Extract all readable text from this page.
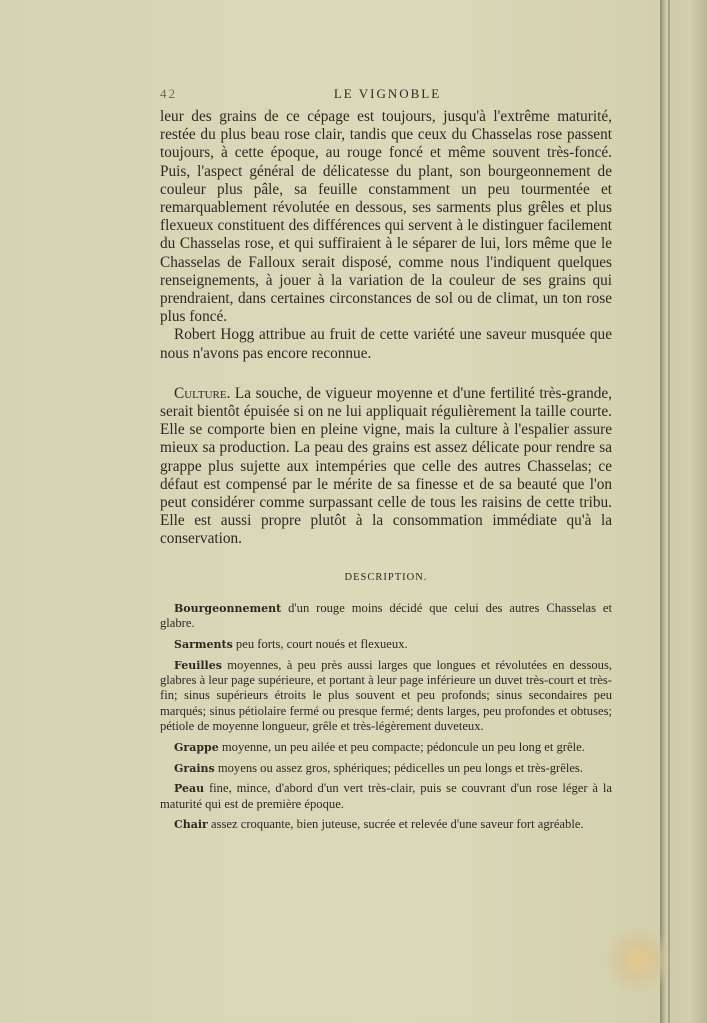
42	LE VIGNOBLE

leur des grains de ce cépage est toujours, jusqu'à l'extrême maturité, restée du plus beau rose clair, tandis que ceux du Chasselas rose passent toujours, à cette époque, au rouge foncé et même souvent très-foncé. Puis, l'aspect général de délicatesse du plant, son bourgeonnement de couleur plus pâle, sa feuille constamment un peu tourmentée et remarquablement révolutée en dessous, ses sarments plus grêles et plus flexueux constituent des différences qui servent à le distinguer facilement du Chasselas rose, et qui suffiraient à le séparer de lui, lors même que le Chasselas de Falloux serait disposé, comme nous l'indiquent quelques renseignements, à jouer à la variation de la couleur de ses grains qui prendraient, dans certaines circonstances de sol ou de climat, un ton rose plus foncé.

Robert Hogg attribue au fruit de cette variété une saveur musquée que nous n'avons pas encore reconnue.

Culture. La souche, de vigueur moyenne et d'une fertilité très-grande, serait bientôt épuisée si on ne lui appliquait régulièrement la taille courte. Elle se comporte bien en pleine vigne, mais la culture à l'espalier assure mieux sa production. La peau des grains est assez délicate pour rendre sa grappe plus sujette aux intempéries que celle des autres Chasselas; ce défaut est compensé par le mérite de sa finesse et de sa beauté que l'on peut considérer comme surpassant celle de tous les raisins de cette tribu. Elle est aussi propre plutôt à la consommation immédiate qu'à la conservation.

DESCRIPTION.

Bourgeonnement d'un rouge moins décidé que celui des autres Chasselas et glabre.

Sarments peu forts, court noués et flexueux.

Feuilles moyennes, à peu près aussi larges que longues et révolutées en dessous, glabres à leur page supérieure, et portant à leur page inférieure un duvet très-court et très-fin; sinus supérieurs étroits le plus souvent et peu profonds; sinus secondaires peu marqués; sinus pétiolaire fermé ou presque fermé; dents larges, peu profondes et obtuses; pétiole de moyenne longueur, grêle et très-légèrement duveteux.

Grappe moyenne, un peu ailée et peu compacte; pédoncule un peu long et grêle.

Grains moyens ou assez gros, sphériques; pédicelles un peu longs et très-grêles.

Peau fine, mince, d'abord d'un vert très-clair, puis se couvrant d'un rose léger à la maturité qui est de première époque.

Chair assez croquante, bien juteuse, sucrée et relevée d'une saveur fort agréable.
